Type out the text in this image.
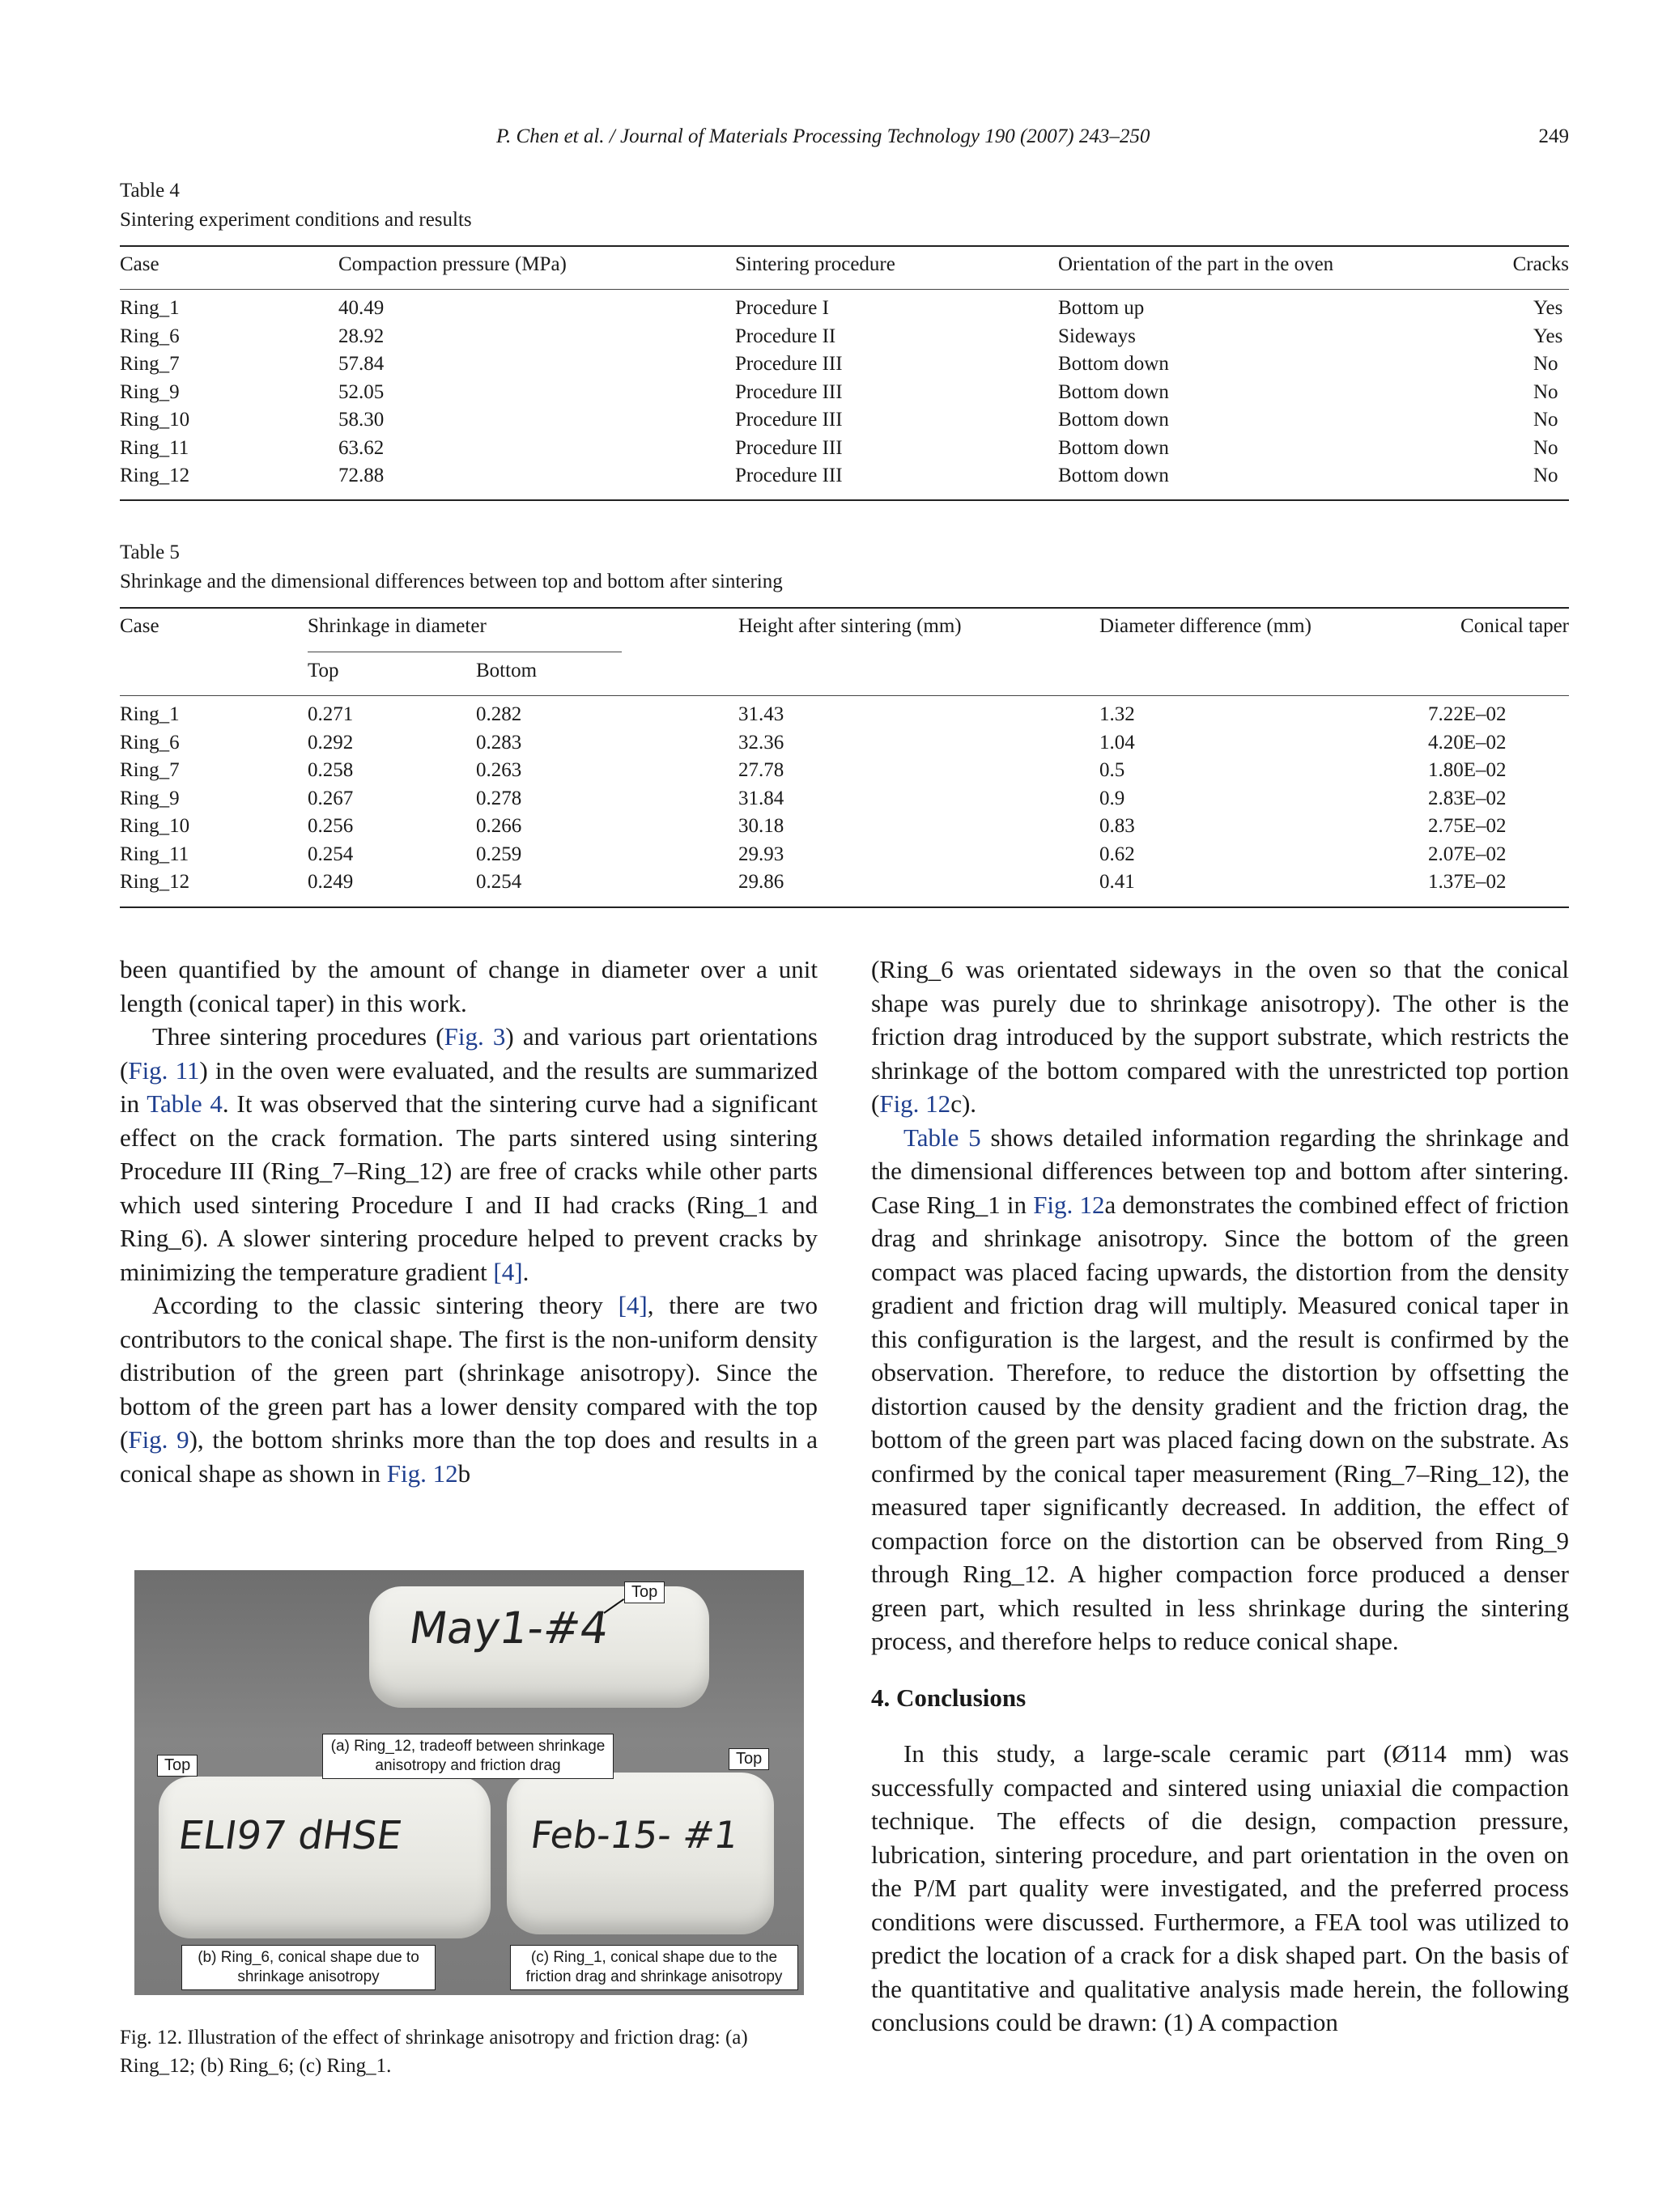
P. Chen et al. / Journal of Materials Processing Technology 190 (2007) 243–250	249
Table 4
Sintering experiment conditions and results
Case	Compaction pressure (MPa)	Sintering procedure	Orientation of the part in the oven	Cracks
Ring_1	40.49	Procedure I	Bottom up	Yes
Ring_6	28.92	Procedure II	Sideways	Yes
Ring_7	57.84	Procedure III	Bottom down	No
Ring_9	52.05	Procedure III	Bottom down	No
Ring_10	58.30	Procedure III	Bottom down	No
Ring_11	63.62	Procedure III	Bottom down	No
Ring_12	72.88	Procedure III	Bottom down	No
Table 5
Shrinkage and the dimensional differences between top and bottom after sintering
Case	Shrinkage in diameter	Height after sintering (mm)	Diameter difference (mm)	Conical taper
Top	Bottom
Ring_1	0.271	0.282	31.43	1.32	7.22E–02
Ring_6	0.292	0.283	32.36	1.04	4.20E–02
Ring_7	0.258	0.263	27.78	0.5	1.80E–02
Ring_9	0.267	0.278	31.84	0.9	2.83E–02
Ring_10	0.256	0.266	30.18	0.83	2.75E–02
Ring_11	0.254	0.259	29.93	0.62	2.07E–02
Ring_12	0.249	0.254	29.86	0.41	1.37E–02

been quantified by the amount of change in diameter over a unit length (conical taper) in this work.

Three sintering procedures (Fig. 3) and various part orientations (Fig. 11) in the oven were evaluated, and the results are summarized in Table 4. It was observed that the sintering curve had a significant effect on the crack formation. The parts sintered using sintering Procedure III (Ring_7–Ring_12) are free of cracks while other parts which used sintering Procedure I and II had cracks (Ring_1 and Ring_6). A slower sintering procedure helped to prevent cracks by minimizing the temperature gradient [4].

According to the classic sintering theory [4], there are two contributors to the conical shape. The first is the non-uniform density distribution of the green part (shrinkage anisotropy). Since the bottom of the green part has a lower density compared with the top (Fig. 9), the bottom shrinks more than the top does and results in a conical shape as shown in Fig. 12b

May1-#4
ELI97 dHSE	Feb-15- #1
Top
Top	Top
(a) Ring_12, tradeoff between shrinkage anisotropy and friction drag
(b) Ring_6, conical shape due to shrinkage anisotropy
(c) Ring_1, conical shape due to the friction drag and shrinkage anisotropy
Fig. 12. Illustration of the effect of shrinkage anisotropy and friction drag: (a) Ring_12; (b) Ring_6; (c) Ring_1.

(Ring_6 was orientated sideways in the oven so that the conical shape was purely due to shrinkage anisotropy). The other is the friction drag introduced by the support substrate, which restricts the shrinkage of the bottom compared with the unrestricted top portion (Fig. 12c).

Table 5 shows detailed information regarding the shrinkage and the dimensional differences between top and bottom after sintering. Case Ring_1 in Fig. 12a demonstrates the combined effect of friction drag and shrinkage anisotropy. Since the bottom of the green compact was placed facing upwards, the distortion from the density gradient and friction drag will multiply. Measured conical taper in this configuration is the largest, and the result is confirmed by the observation. Therefore, to reduce the distortion by offsetting the distortion caused by the density gradient and the friction drag, the bottom of the green part was placed facing down on the substrate. As confirmed by the conical taper measurement (Ring_7–Ring_12), the measured taper significantly decreased. In addition, the effect of compaction force on the distortion can be observed from Ring_9 through Ring_12. A higher compaction force produced a denser green part, which resulted in less shrinkage during the sintering process, and therefore helps to reduce conical shape.

4. Conclusions

In this study, a large-scale ceramic part (Ø114 mm) was successfully compacted and sintered using uniaxial die compaction technique. The effects of die design, compaction pressure, lubrication, sintering procedure, and part orientation in the oven on the P/M part quality were investigated, and the preferred process conditions were discussed. Furthermore, a FEA tool was utilized to predict the location of a crack for a disk shaped part. On the basis of the quantitative and qualitative analysis made herein, the following conclusions could be drawn: (1) A compaction
